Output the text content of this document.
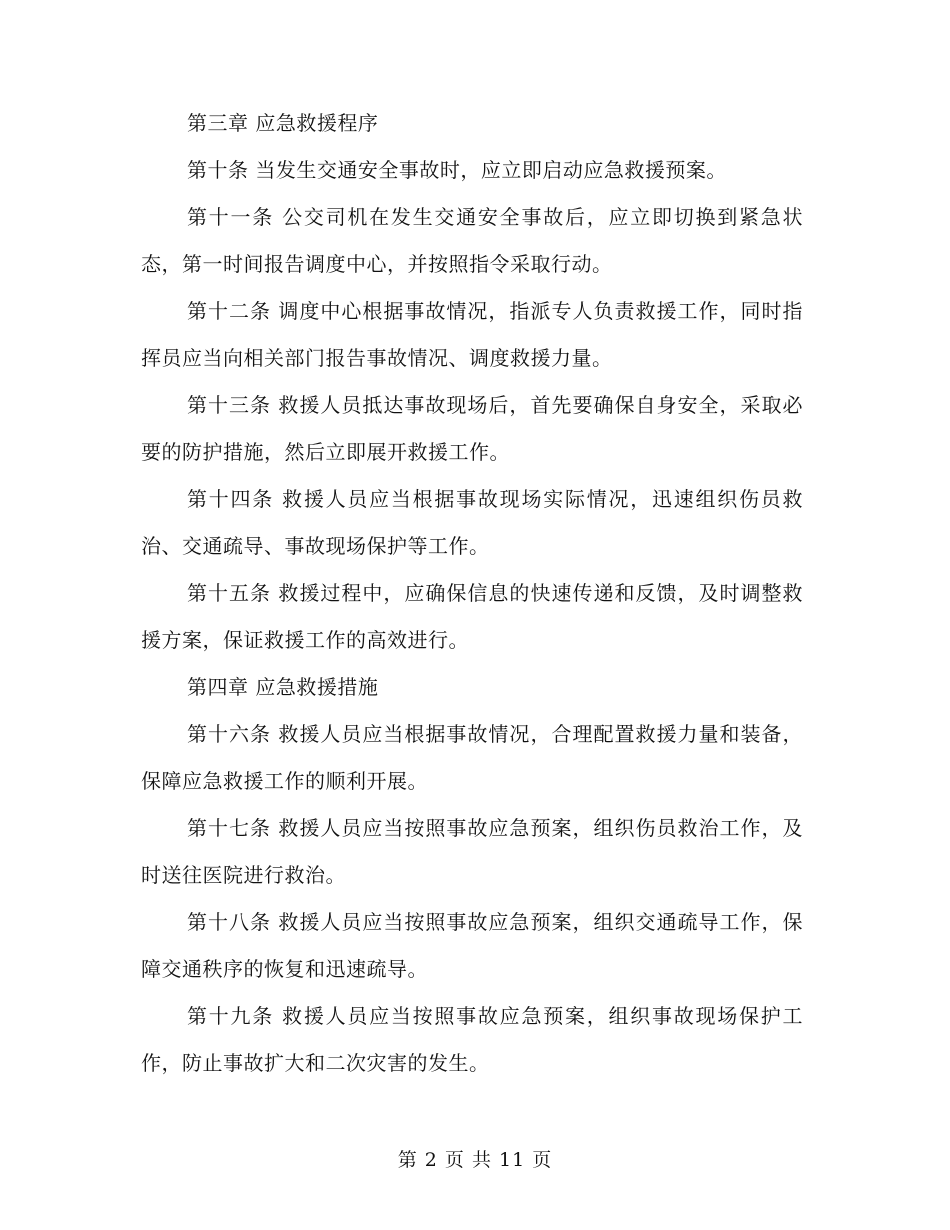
第三章 应急救援程序

第十条 当发生交通安全事故时，应立即启动应急救援预案。

第十一条 公交司机在发生交通安全事故后，应立即切换到紧急状态，第一时间报告调度中心，并按照指令采取行动。

第十二条 调度中心根据事故情况，指派专人负责救援工作，同时指挥员应当向相关部门报告事故情况、调度救援力量。

第十三条 救援人员抵达事故现场后，首先要确保自身安全，采取必要的防护措施，然后立即展开救援工作。

第十四条 救援人员应当根据事故现场实际情况，迅速组织伤员救治、交通疏导、事故现场保护等工作。

第十五条 救援过程中，应确保信息的快速传递和反馈，及时调整救援方案，保证救援工作的高效进行。

第四章 应急救援措施

第十六条 救援人员应当根据事故情况，合理配置救援力量和装备，保障应急救援工作的顺利开展。

第十七条 救援人员应当按照事故应急预案，组织伤员救治工作，及时送往医院进行救治。

第十八条 救援人员应当按照事故应急预案，组织交通疏导工作，保障交通秩序的恢复和迅速疏导。

第十九条 救援人员应当按照事故应急预案，组织事故现场保护工作，防止事故扩大和二次灾害的发生。

第 2 页 共 11 页
